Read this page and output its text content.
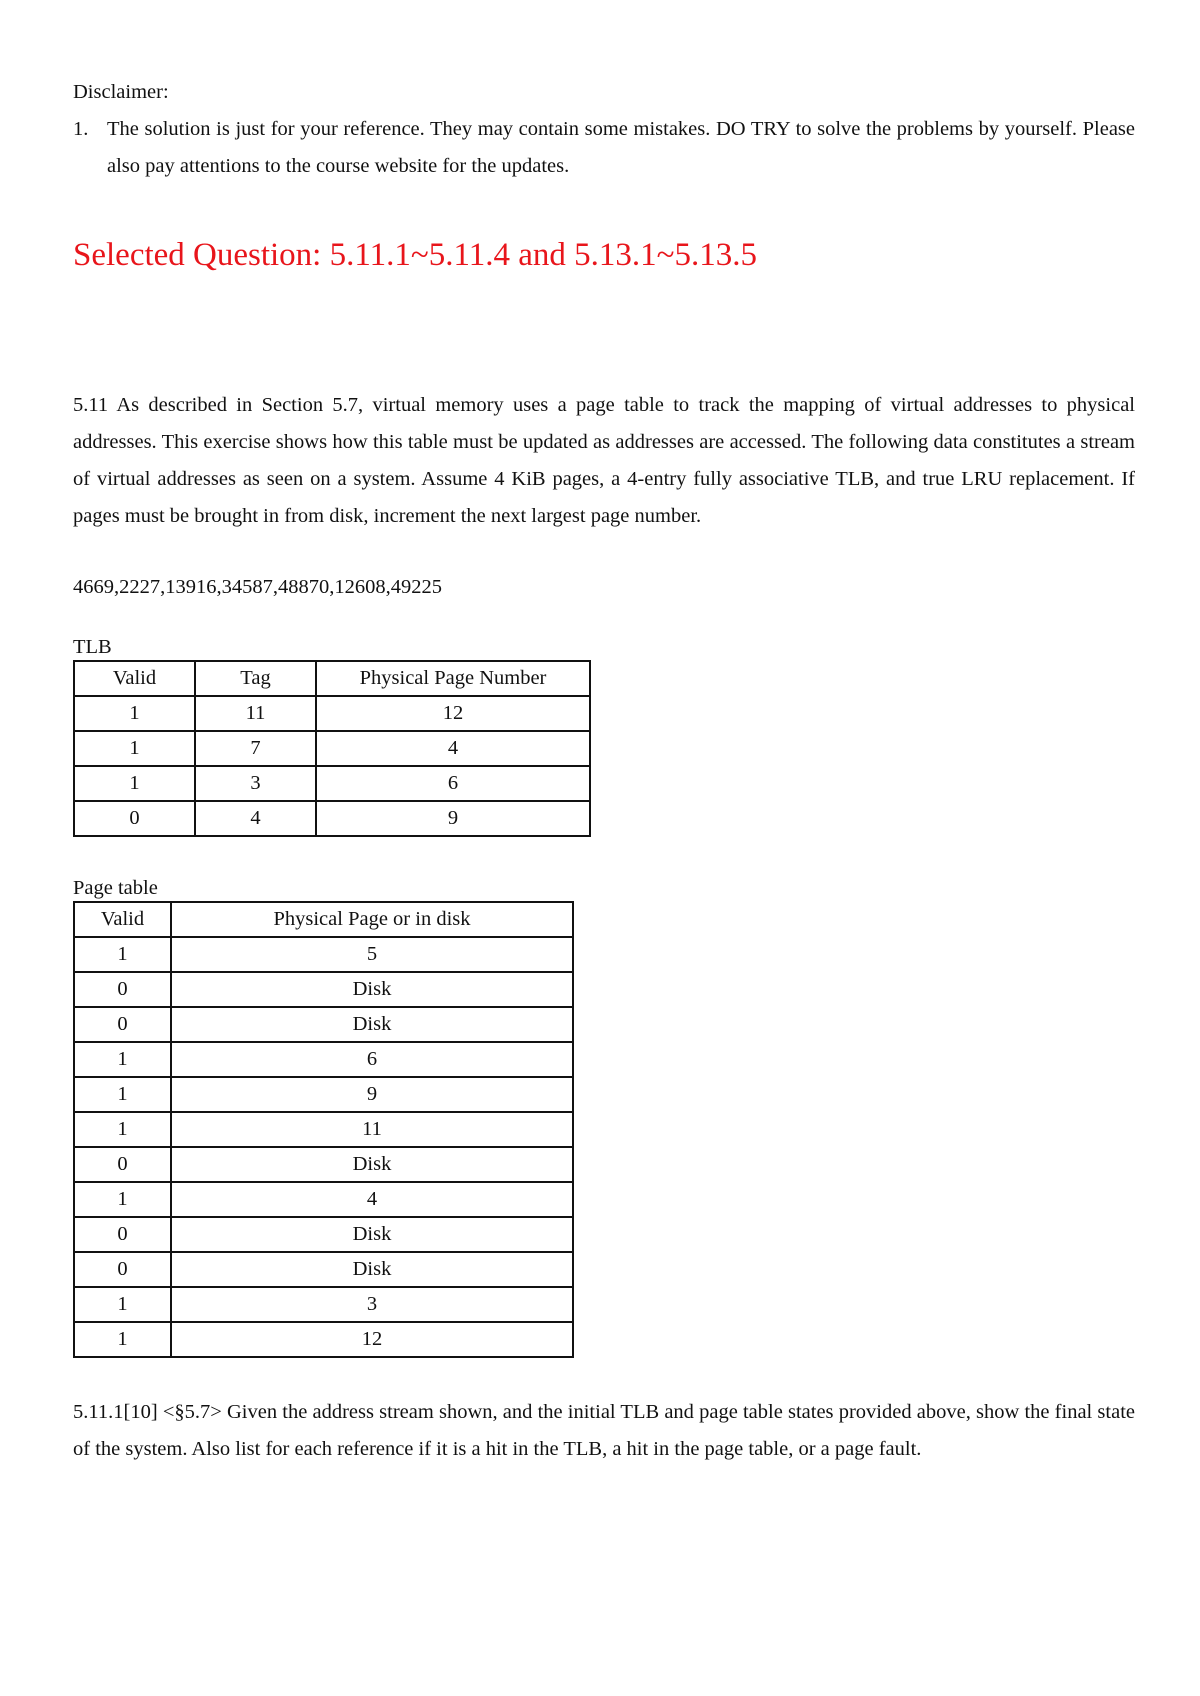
Disclaimer:

1. The solution is just for your reference. They may contain some mistakes. DO TRY to solve the problems by yourself. Please also pay attentions to the course website for the updates.

Selected Question: 5.11.1~5.11.4 and 5.13.1~5.13.5

5.11 As described in Section 5.7, virtual memory uses a page table to track the mapping of virtual addresses to physical addresses. This exercise shows how this table must be updated as addresses are accessed. The following data constitutes a stream of virtual addresses as seen on a system. Assume 4 KiB pages, a 4-entry fully associative TLB, and true LRU replacement. If pages must be brought in from disk, increment the next largest page number.

4669,2227,13916,34587,48870,12608,49225

TLB

Valid	Tag	Physical Page Number
1	11	12
1	7	4
1	3	6
0	4	9

Page table

Valid	Physical Page or in disk
1	5
0	Disk
0	Disk
1	6
1	9
1	11
0	Disk
1	4
0	Disk
0	Disk
1	3
1	12

5.11.1[10] <§5.7> Given the address stream shown, and the initial TLB and page table states provided above, show the final state of the system. Also list for each reference if it is a hit in the TLB, a hit in the page table, or a page fault.
